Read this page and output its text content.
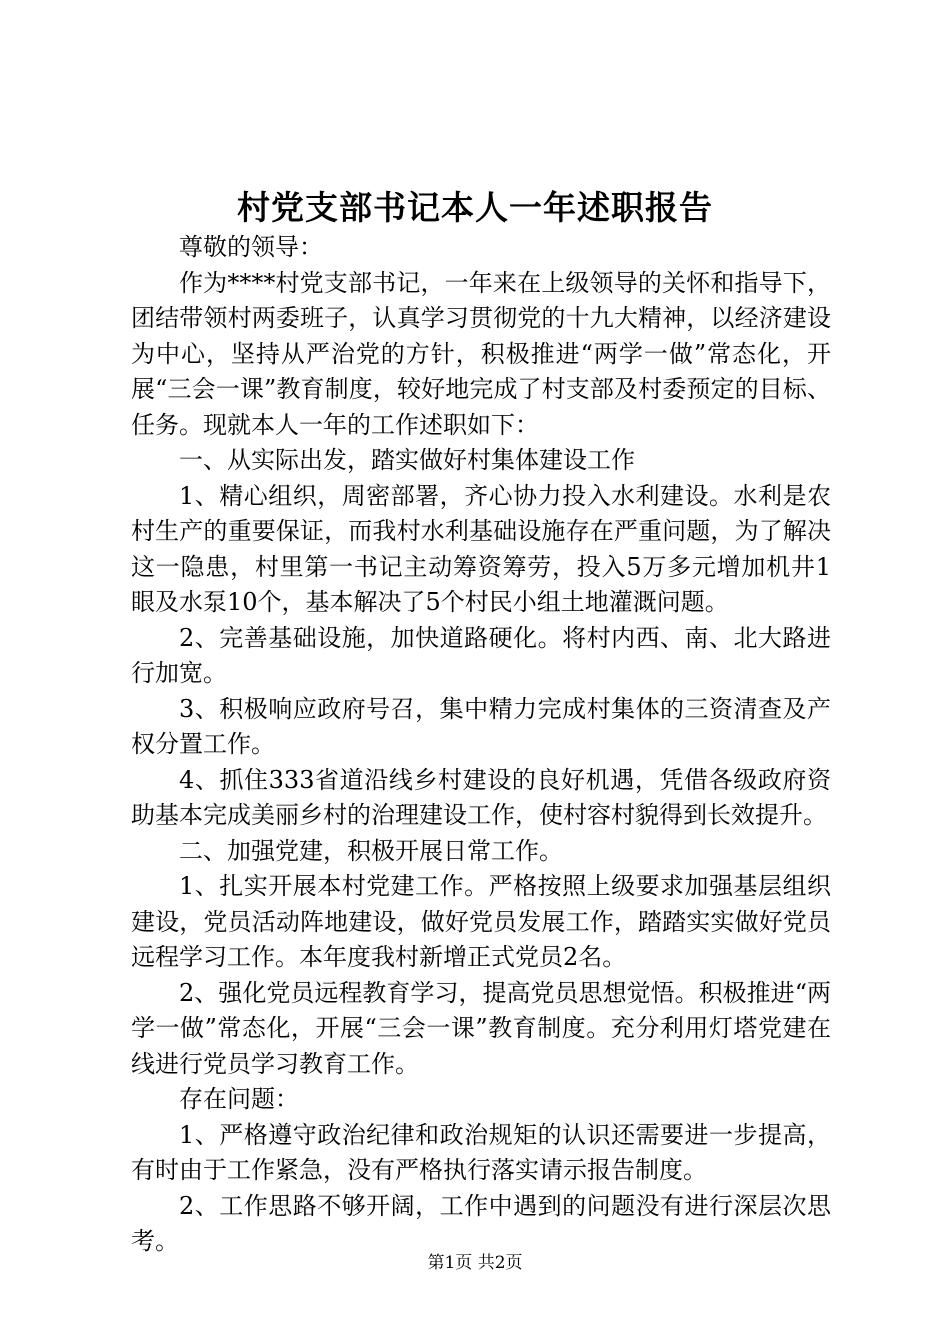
村党支部书记本人一年述职报告

尊敬的领导：

作为****村党支部书记，一年来在上级领导的关怀和指导下，团结带领村两委班子，认真学习贯彻党的十九大精神，以经济建设为中心，坚持从严治党的方针，积极推进“两学一做”常态化，开展“三会一课”教育制度，较好地完成了村支部及村委预定的目标、任务。现就本人一年的工作述职如下：

一、从实际出发，踏实做好村集体建设工作

1、精心组织，周密部署，齐心协力投入水利建设。水利是农村生产的重要保证，而我村水利基础设施存在严重问题，为了解决这一隐患，村里第一书记主动筹资筹劳，投入5万多元增加机井1眼及水泵10个，基本解决了5个村民小组土地灌溉问题。

2、完善基础设施，加快道路硬化。将村内西、南、北大路进行加宽。

3、积极响应政府号召，集中精力完成村集体的三资清查及产权分置工作。

4、抓住333省道沿线乡村建设的良好机遇，凭借各级政府资助基本完成美丽乡村的治理建设工作，使村容村貌得到长效提升。

二、加强党建，积极开展日常工作。

1、扎实开展本村党建工作。严格按照上级要求加强基层组织建设，党员活动阵地建设，做好党员发展工作，踏踏实实做好党员远程学习工作。本年度我村新增正式党员2名。

2、强化党员远程教育学习，提高党员思想觉悟。积极推进“两学一做”常态化，开展“三会一课”教育制度。充分利用灯塔党建在线进行党员学习教育工作。

存在问题：

1、严格遵守政治纪律和政治规矩的认识还需要进一步提高，有时由于工作紧急，没有严格执行落实请示报告制度。

2、工作思路不够开阔，工作中遇到的问题没有进行深层次思考。

第1页 共2页
